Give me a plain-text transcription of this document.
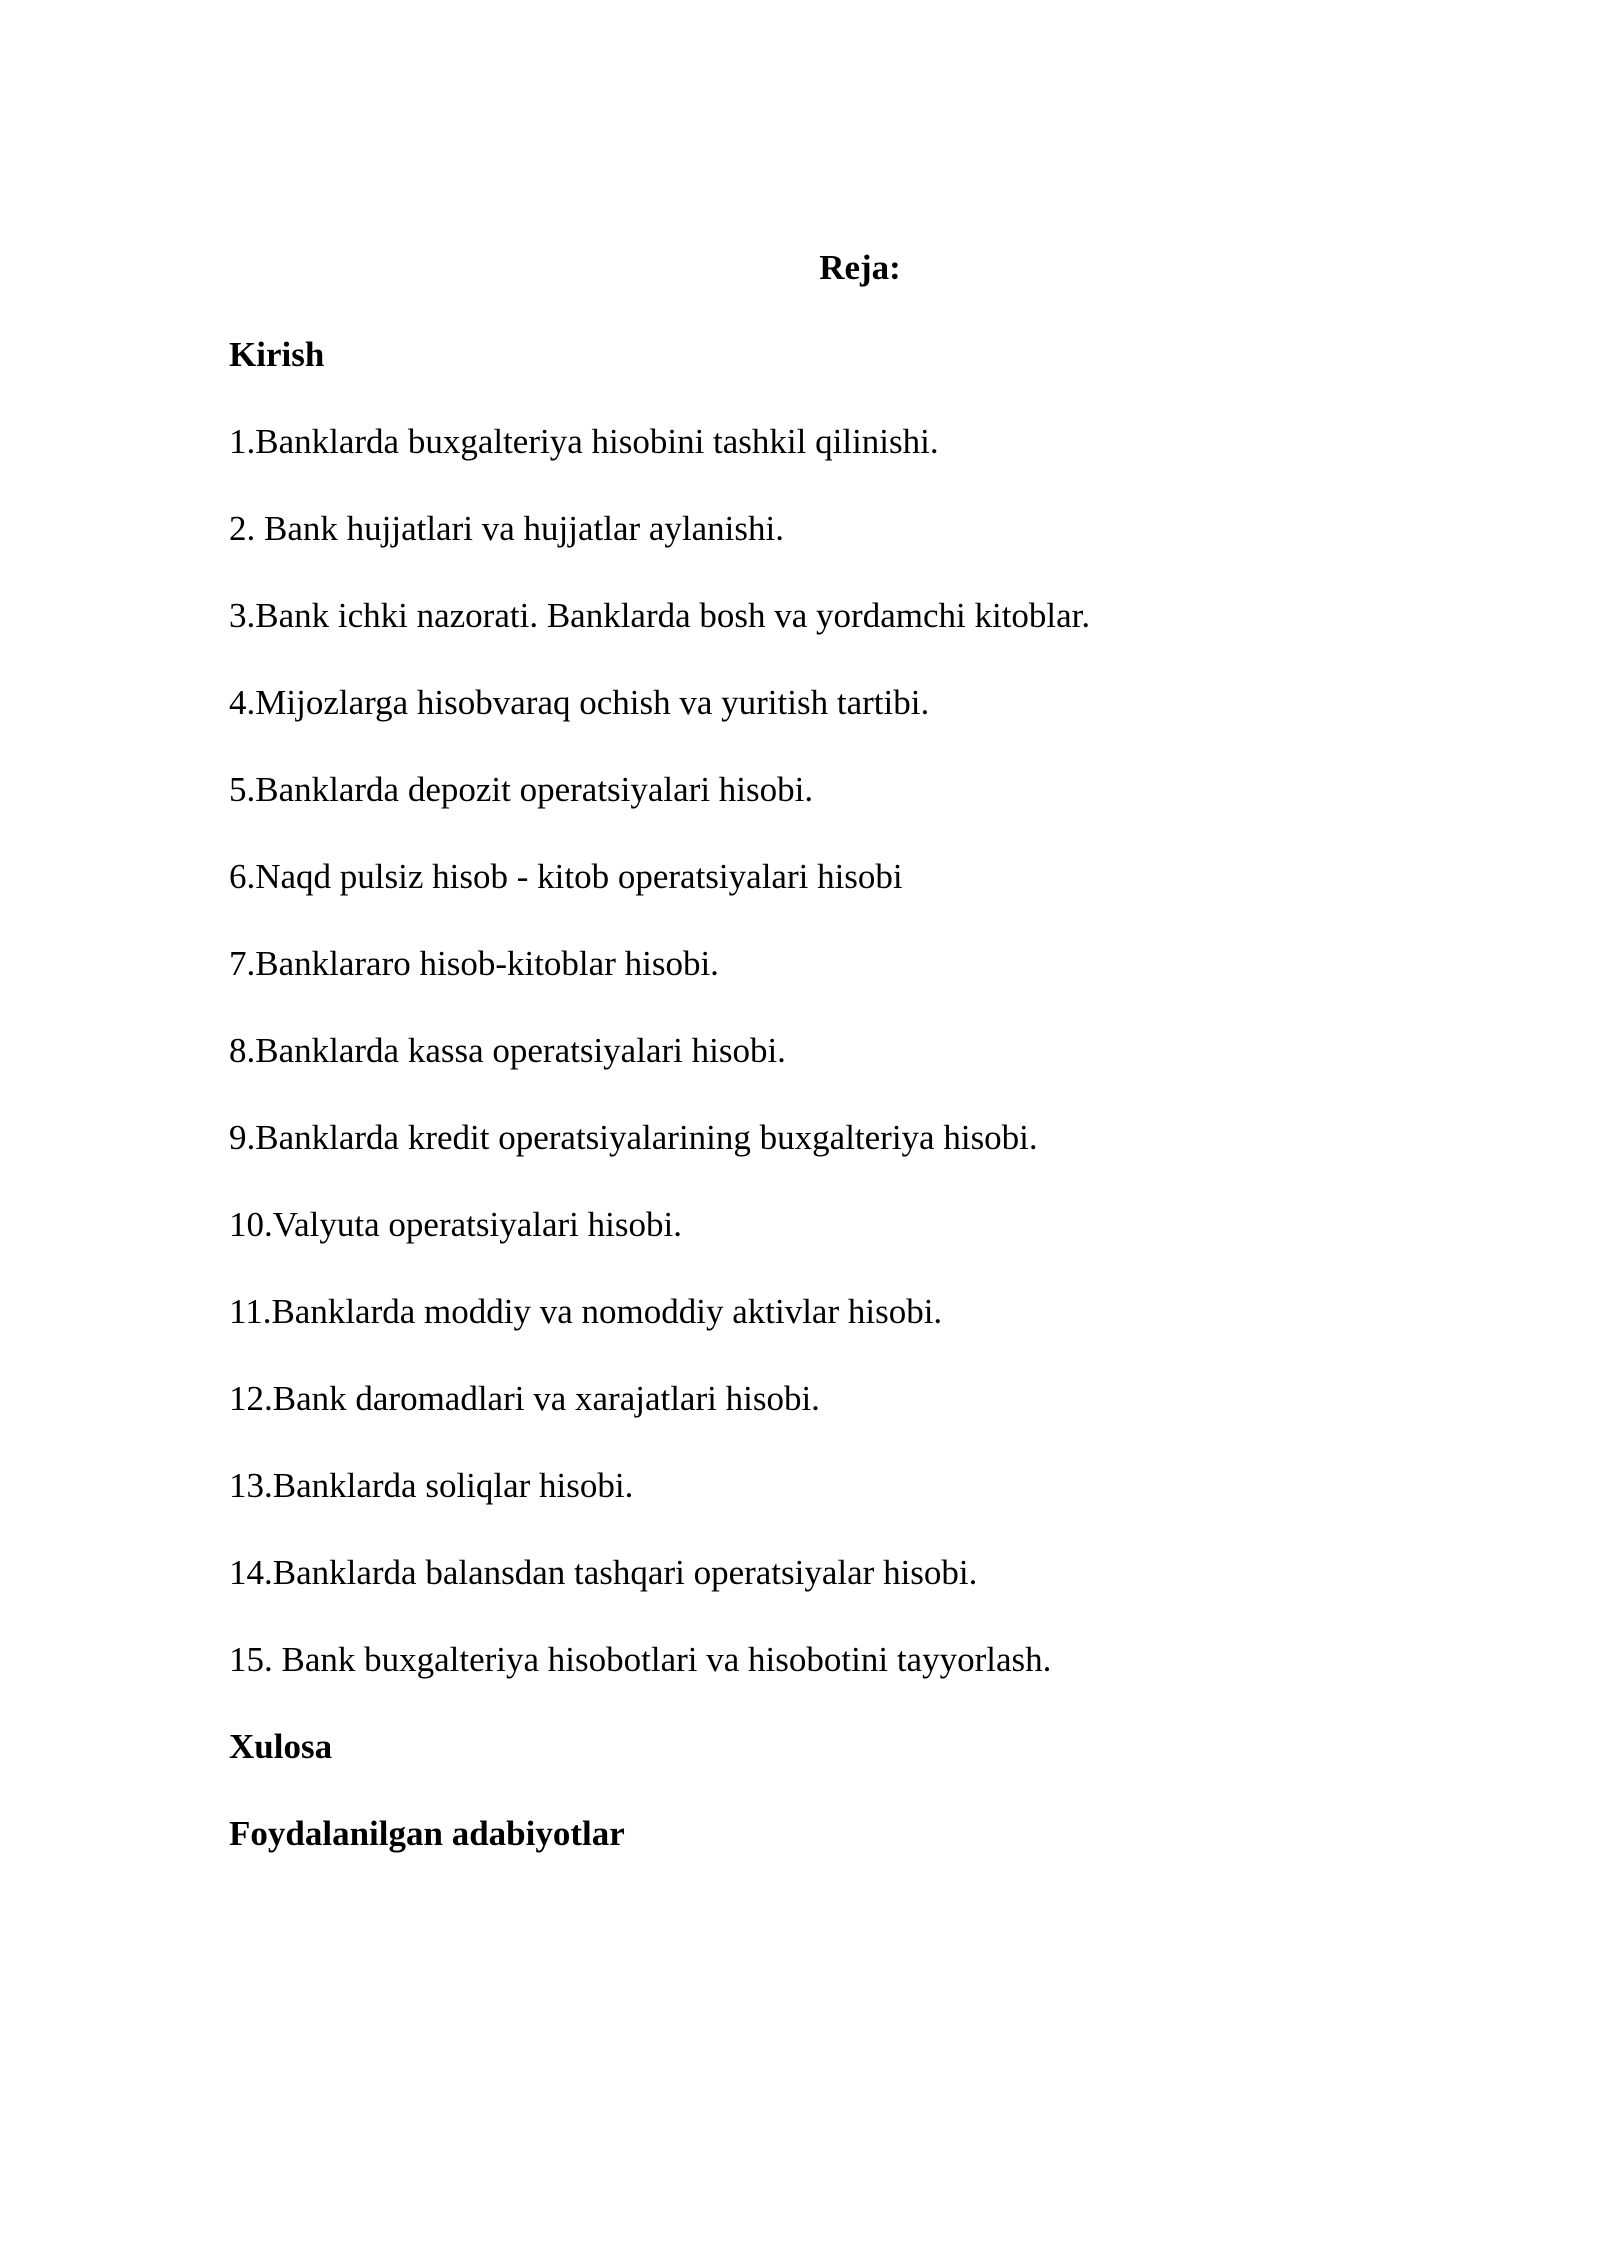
Reja:
Kirish
1.Banklarda buxgalteriya hisobini tashkil qilinishi.
2. Bank hujjatlari va hujjatlar aylanishi.
3.Bank ichki nazorati. Banklarda bosh va yordamchi kitoblar.
4.Mijozlarga hisobvaraq ochish va yuritish tartibi.
5.Banklarda depozit operatsiyalari hisobi.
6.Naqd pulsiz hisob - kitob operatsiyalari hisobi
7.Banklararo hisob-kitoblar hisobi.
8.Banklarda kassa operatsiyalari hisobi.
9.Banklarda kredit operatsiyalarining buxgalteriya hisobi.
10.Valyuta operatsiyalari hisobi.
11.Banklarda moddiy va nomoddiy aktivlar hisobi.
12.Bank daromadlari va xarajatlari hisobi.
13.Banklarda soliqlar hisobi.
14.Banklarda balansdan tashqari operatsiyalar hisobi.
15. Bank buxgalteriya hisobotlari va hisobotini tayyorlash.
Xulosa
Foydalanilgan adabiyotlar
